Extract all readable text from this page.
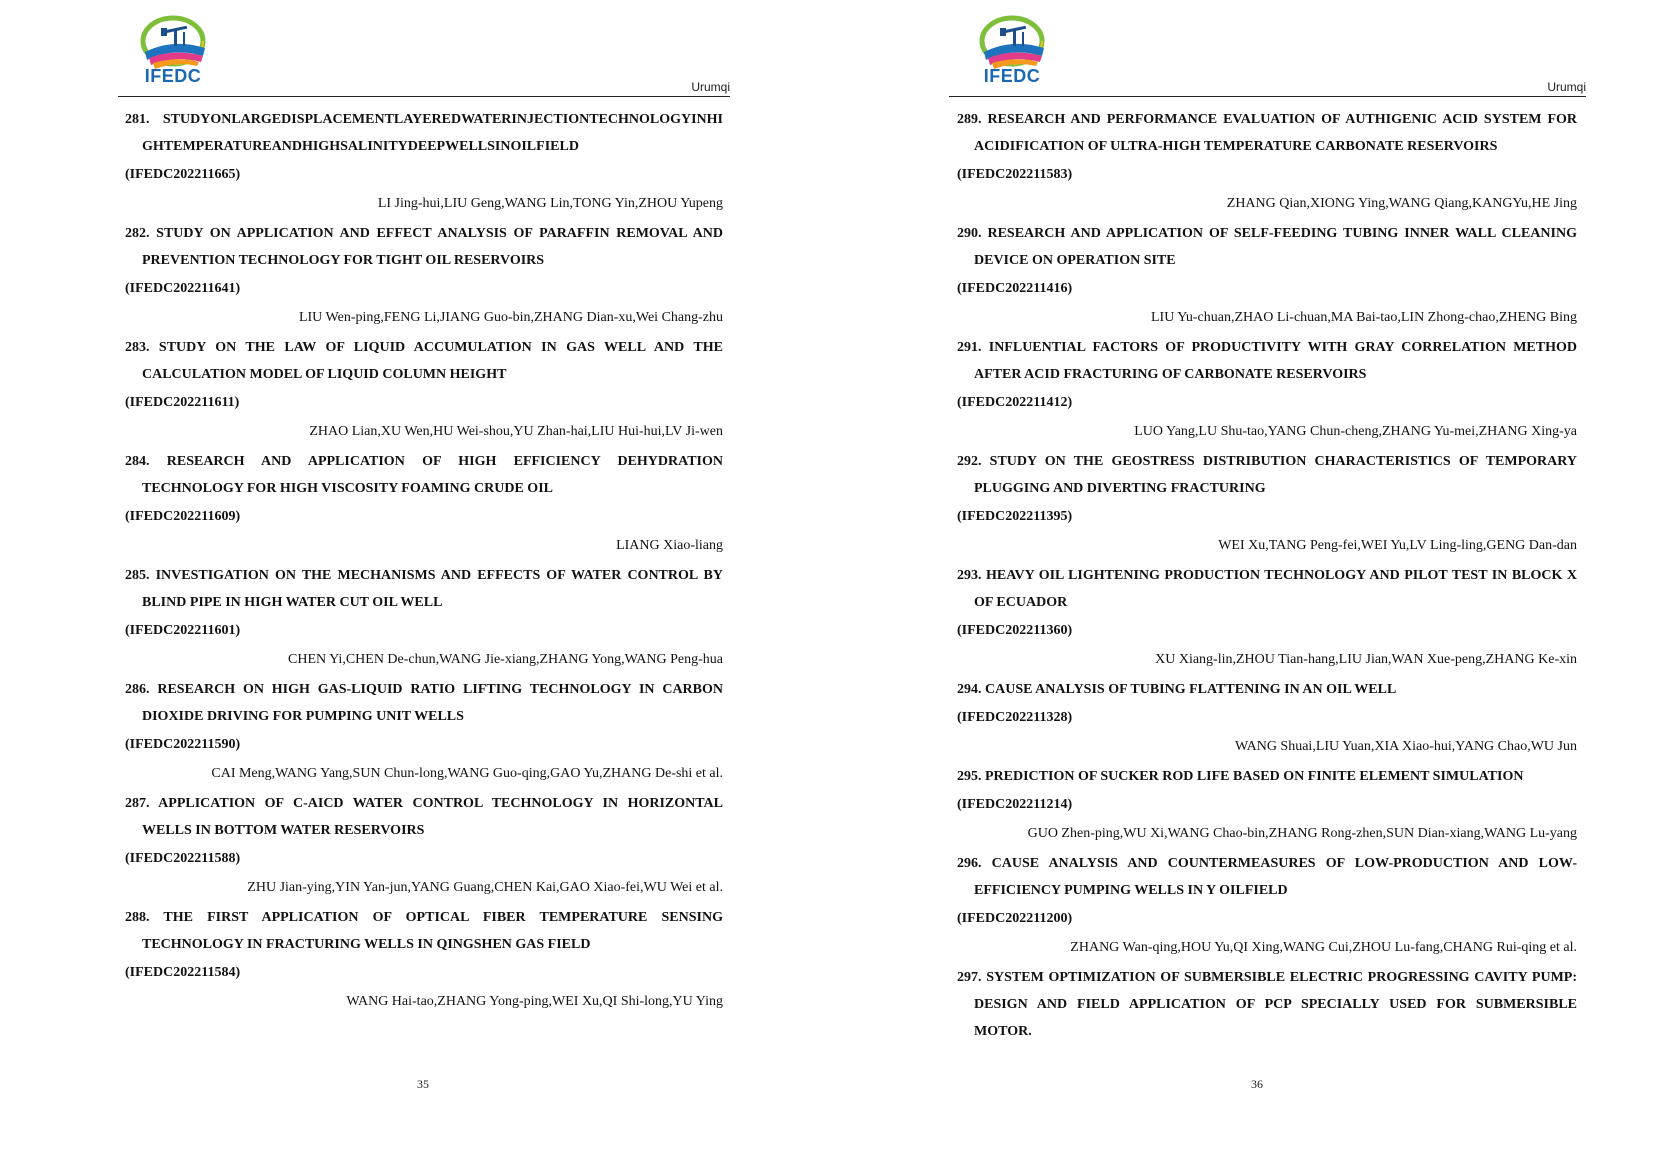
IFEDC
Urumqi

281. STUDYONLARGEDISPLACEMENTLAYEREDWATERINJECTIONTECHNOLOGYINHIGHTEMPERATUREANDHIGHSALINITYDEEPWELLSINOILFIELD

(IFEDC202211665)

LI Jing-hui,LIU Geng,WANG Lin,TONG Yin,ZHOU Yupeng

282. STUDY ON APPLICATION AND EFFECT ANALYSIS OF PARAFFIN REMOVAL AND PREVENTION TECHNOLOGY FOR TIGHT OIL RESERVOIRS

(IFEDC202211641)

LIU Wen-ping,FENG Li,JIANG Guo-bin,ZHANG Dian-xu,Wei Chang-zhu

283. STUDY ON THE LAW OF LIQUID ACCUMULATION IN GAS WELL AND THE CALCULATION MODEL OF LIQUID COLUMN HEIGHT

(IFEDC202211611)

ZHAO Lian,XU Wen,HU Wei-shou,YU Zhan-hai,LIU Hui-hui,LV Ji-wen

284. RESEARCH AND APPLICATION OF HIGH EFFICIENCY DEHYDRATION TECHNOLOGY FOR HIGH VISCOSITY FOAMING CRUDE OIL

(IFEDC202211609)

LIANG Xiao-liang

285. INVESTIGATION ON THE MECHANISMS AND EFFECTS OF WATER CONTROL BY BLIND PIPE IN HIGH WATER CUT OIL WELL

(IFEDC202211601)

CHEN Yi,CHEN De-chun,WANG Jie-xiang,ZHANG Yong,WANG Peng-hua

286. RESEARCH ON HIGH GAS-LIQUID RATIO LIFTING TECHNOLOGY IN CARBON DIOXIDE DRIVING FOR PUMPING UNIT WELLS

(IFEDC202211590)

CAI Meng,WANG Yang,SUN Chun-long,WANG Guo-qing,GAO Yu,ZHANG De-shi et al.

287. APPLICATION OF C-AICD WATER CONTROL TECHNOLOGY IN HORIZONTAL WELLS IN BOTTOM WATER RESERVOIRS

(IFEDC202211588)

ZHU Jian-ying,YIN Yan-jun,YANG Guang,CHEN Kai,GAO Xiao-fei,WU Wei et al.

288. THE FIRST APPLICATION OF OPTICAL FIBER TEMPERATURE SENSING TECHNOLOGY IN FRACTURING WELLS IN QINGSHEN GAS FIELD

(IFEDC202211584)

WANG Hai-tao,ZHANG Yong-ping,WEI Xu,QI Shi-long,YU Ying

35
IFEDC
Urumqi

289. RESEARCH AND PERFORMANCE EVALUATION OF AUTHIGENIC ACID SYSTEM FOR ACIDIFICATION OF ULTRA-HIGH TEMPERATURE CARBONATE RESERVOIRS

(IFEDC202211583)

ZHANG Qian,XIONG Ying,WANG Qiang,KANGYu,HE Jing

290. RESEARCH AND APPLICATION OF SELF-FEEDING TUBING INNER WALL CLEANING DEVICE ON OPERATION SITE

(IFEDC202211416)

LIU Yu-chuan,ZHAO Li-chuan,MA Bai-tao,LIN Zhong-chao,ZHENG Bing

291. INFLUENTIAL FACTORS OF PRODUCTIVITY WITH GRAY CORRELATION METHOD AFTER ACID FRACTURING OF CARBONATE RESERVOIRS

(IFEDC202211412)

LUO Yang,LU Shu-tao,YANG Chun-cheng,ZHANG Yu-mei,ZHANG Xing-ya

292. STUDY ON THE GEOSTRESS DISTRIBUTION CHARACTERISTICS OF TEMPORARY PLUGGING AND DIVERTING FRACTURING

(IFEDC202211395)

WEI Xu,TANG Peng-fei,WEI Yu,LV Ling-ling,GENG Dan-dan

293. HEAVY OIL LIGHTENING PRODUCTION TECHNOLOGY AND PILOT TEST IN BLOCK X OF ECUADOR

(IFEDC202211360)

XU Xiang-lin,ZHOU Tian-hang,LIU Jian,WAN Xue-peng,ZHANG Ke-xin

294. CAUSE ANALYSIS OF TUBING FLATTENING IN AN OIL WELL

(IFEDC202211328)

WANG Shuai,LIU Yuan,XIA Xiao-hui,YANG Chao,WU Jun

295. PREDICTION OF SUCKER ROD LIFE BASED ON FINITE ELEMENT SIMULATION

(IFEDC202211214)

GUO Zhen-ping,WU Xi,WANG Chao-bin,ZHANG Rong-zhen,SUN Dian-xiang,WANG Lu-yang

296. CAUSE ANALYSIS AND COUNTERMEASURES OF LOW-PRODUCTION AND LOW-EFFICIENCY PUMPING WELLS IN Y OILFIELD

(IFEDC202211200)

ZHANG Wan-qing,HOU Yu,QI Xing,WANG Cui,ZHOU Lu-fang,CHANG Rui-qing et al.

297. SYSTEM OPTIMIZATION OF SUBMERSIBLE ELECTRIC PROGRESSING CAVITY PUMP: DESIGN AND FIELD APPLICATION OF PCP SPECIALLY USED FOR SUBMERSIBLE MOTOR.

36
